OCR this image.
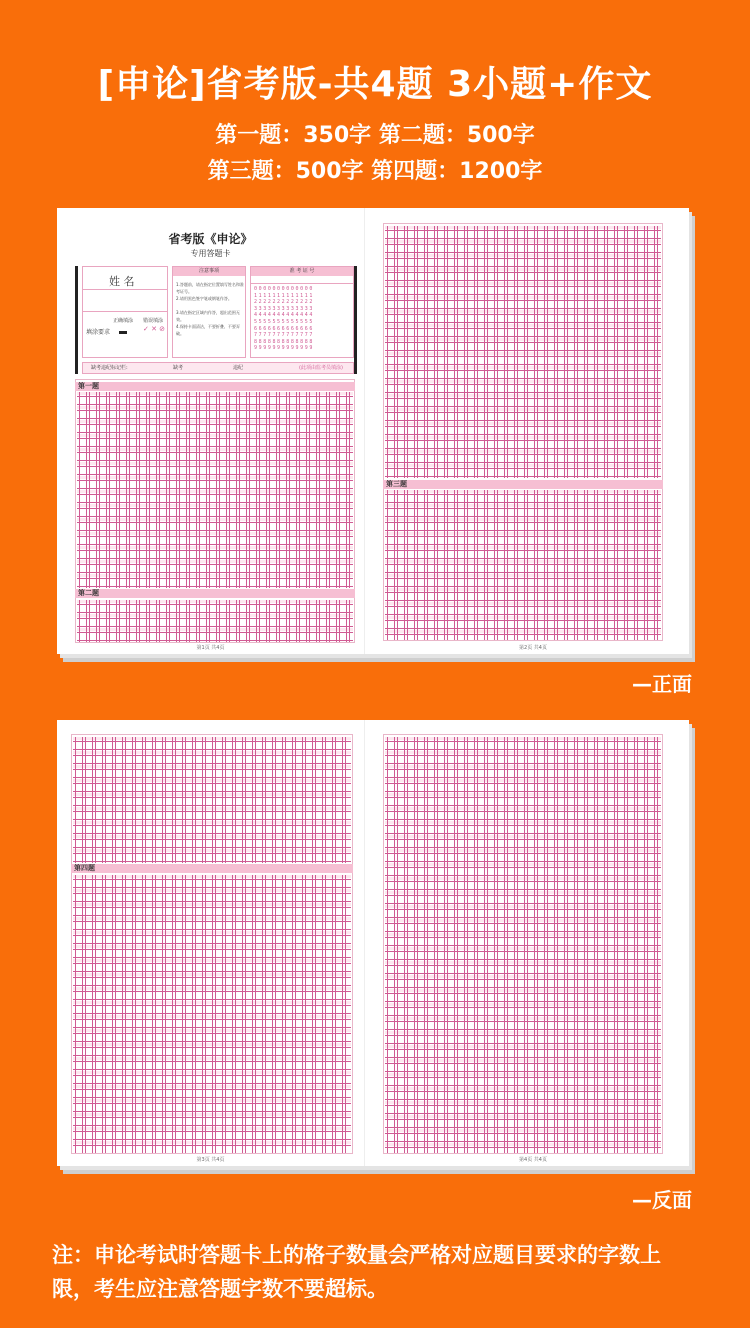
[申论]省考版-共4题 3小题+作文
第一题：350字 第二题：500字
第三题：500字 第四题：1200字
省考版《申论》
专用答题卡
姓 名
填涂要求
正确填涂 错误填涂
✓ ✕ ⊘
注意事项
1.答题前，请在指定位置填写姓名和准考证号。
2.请用黑色签字笔或钢笔作答。
3.请在指定区域内作答，超出范围无效。
4.保持卡面清洁，不要折叠、不要弄破。
准 考 证 号
0000000000000
1111111111111
2222222222222
3333333333333
4444444444444
5555555555555
6666666666666
7777777777777
8888888888888
9999999999999
缺考违纪标记栏:	缺考	违纪	(此项由监考员填涂)
第一题
第二题
第1页 共4页
第三题
第2页 共4页
—正面
第四题
第3页 共4页	第4页 共4页
—反面
注：申论考试时答题卡上的格子数量会严格对应题目要求的字数上限，考生应注意答题字数不要超标。
